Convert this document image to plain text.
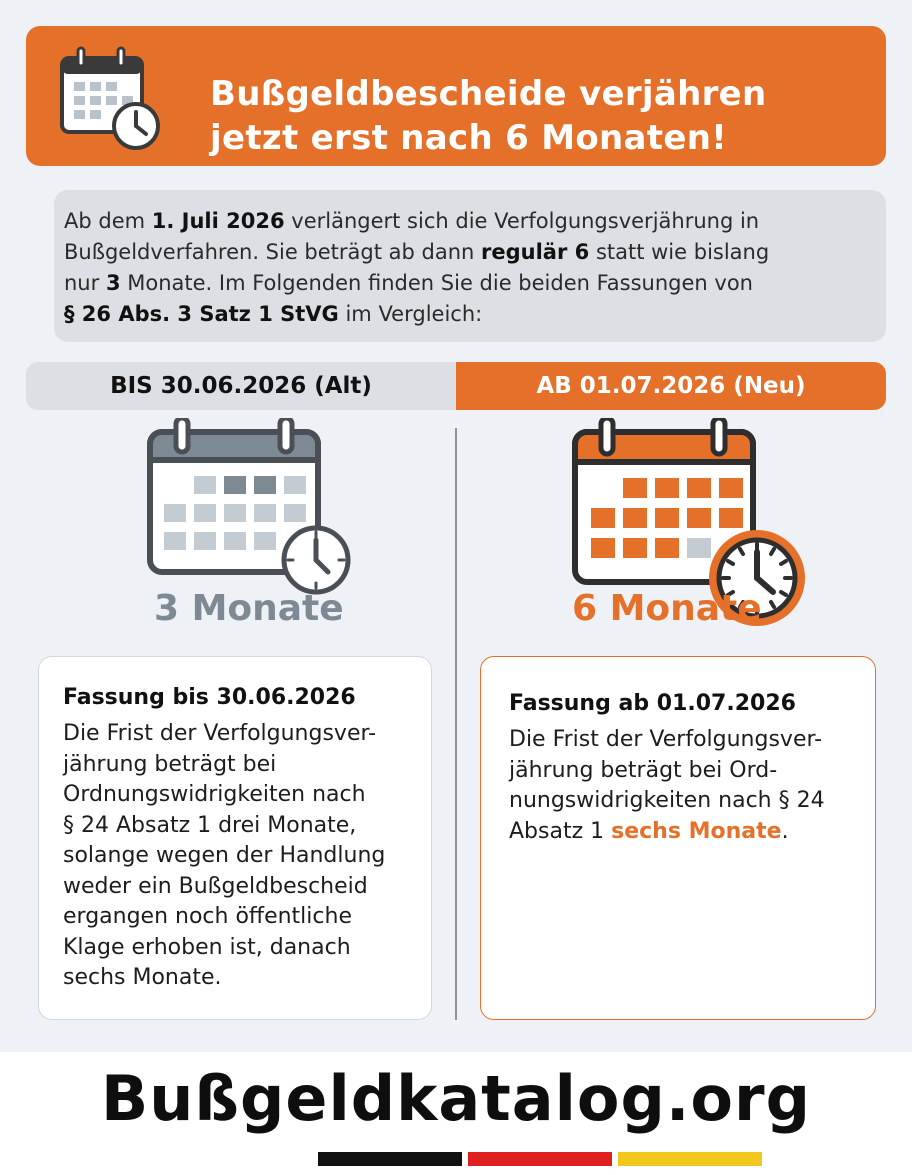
Bußgeldbescheide verjähren
jetzt erst nach 6 Monaten!
Ab dem 1. Juli 2026 verlängert sich die Verfolgungsverjährung in
Bußgeldverfahren. Sie beträgt ab dann regulär 6 statt wie bislang
nur 3 Monate. Im Folgenden finden Sie die beiden Fassungen von
§ 26 Abs. 3 Satz 1 StVG im Vergleich:
BIS 30.06.2026 (Alt)	AB 01.07.2026 (Neu)
3 Monate	6 Monate
Fassung bis 30.06.2026
Die Frist der Verfolgungsver-
jährung beträgt bei
Ordnungswidrigkeiten nach
§ 24 Absatz 1 drei Monate,
solange wegen der Handlung
weder ein Bußgeldbescheid
ergangen noch öffentliche
Klage erhoben ist, danach
sechs Monate.
Fassung ab 01.07.2026
Die Frist der Verfolgungsver-
jährung beträgt bei Ord-
nungswidrigkeiten nach § 24
Absatz 1 sechs Monate.
Bußgeldkatalog.org
